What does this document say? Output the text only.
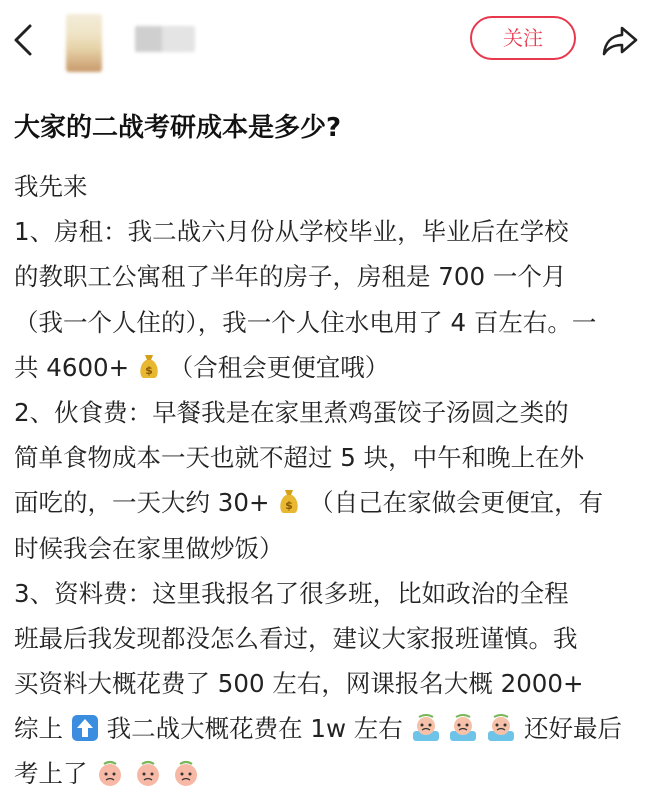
关注
大家的二战考研成本是多少?
我先来
1、房租：我二战六月份从学校毕业，毕业后在学校
的教职工公寓租了半年的房子，房租是 700 一个月
（我一个人住的），我一个人住水电用了 4 百左右。一
共 4600+ $ （合租会更便宜哦）
2、伙食费：早餐我是在家里煮鸡蛋饺子汤圆之类的
简单食物成本一天也就不超过 5 块，中午和晚上在外
面吃的，一天大约 30+ $ （自己在家做会更便宜，有
时候我会在家里做炒饭）
3、资料费：这里我报名了很多班，比如政治的全程
班最后我发现都没怎么看过，建议大家报班谨慎。我
买资料大概花费了 500 左右，网课报名大概 2000+
综上 我二战大概花费在 1w 左右	还好最后
考上了
